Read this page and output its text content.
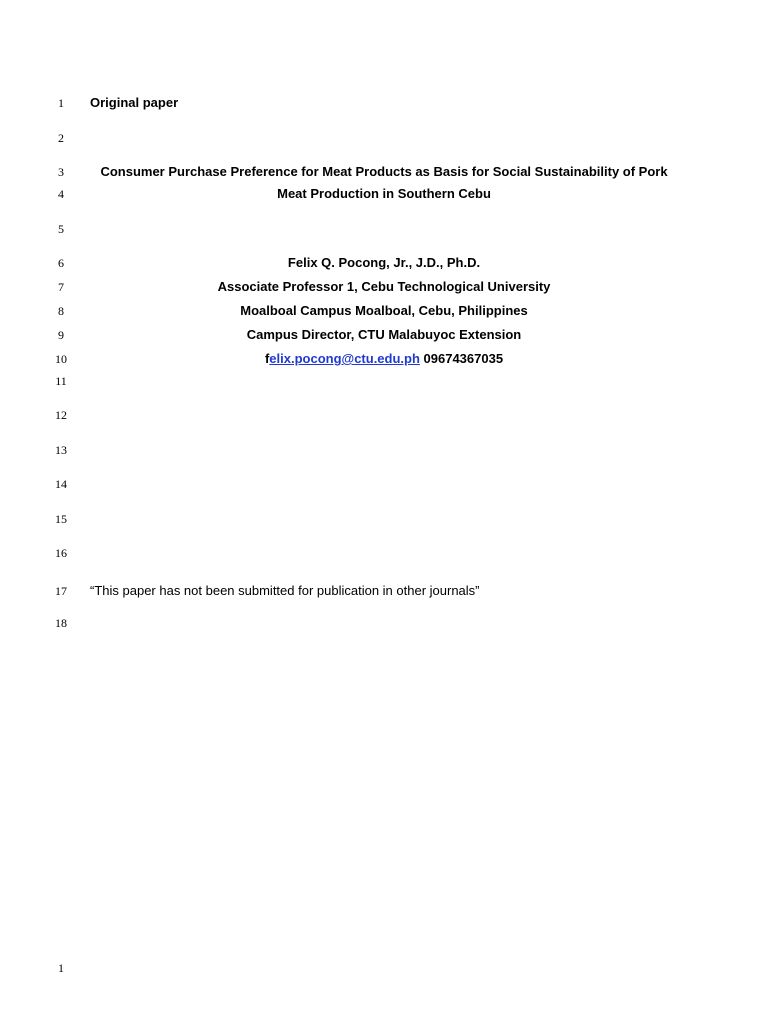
1
2
3
4
5
6
7
8
9
10
11
12
13
14
15
16
17
18
Original paper
Consumer Purchase Preference for Meat Products as Basis for Social Sustainability of Pork
Meat Production in Southern Cebu
Felix Q. Pocong, Jr., J.D., Ph.D.
Associate Professor 1, Cebu Technological University
Moalboal Campus Moalboal, Cebu, Philippines
Campus Director, CTU Malabuyoc Extension
felix.pocong@ctu.edu.ph 09674367035
“This paper has not been submitted for publication in other journals”
1
